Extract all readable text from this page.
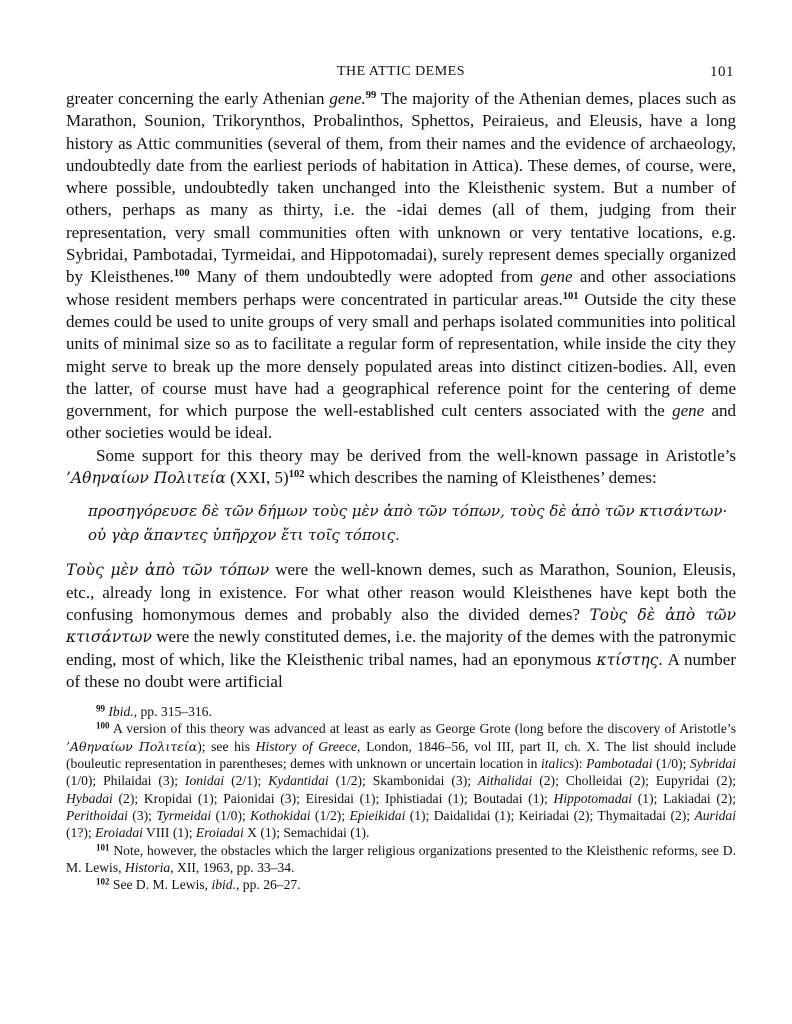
THE ATTIC DEMES	101

greater concerning the early Athenian gene.$^{99}$ The majority of the Athenian demes, places such as Marathon, Sounion, Trikorynthos, Probalinthos, Sphettos, Peiraieus, and Eleusis, have a long history as Attic communities (several of them, from their names and the evidence of archaeology, undoubtedly date from the earliest periods of habitation in Attica). These demes, of course, were, where possible, undoubtedly taken unchanged into the Kleisthenic system. But a number of others, perhaps as many as thirty, i.e. the -idai demes (all of them, judging from their representation, very small communities often with unknown or very tentative locations, e.g. Sybridai, Pambotadai, Tyrmeidai, and Hippotomadai), surely represent demes specially organized by Kleisthenes.$^{100}$ Many of them undoubtedly were adopted from gene and other associations whose resident members perhaps were concentrated in particular areas.$^{101}$ Outside the city these demes could be used to unite groups of very small and perhaps isolated communities into political units of minimal size so as to facilitate a regular form of representation, while inside the city they might serve to break up the more densely populated areas into distinct citizen-bodies. All, even the latter, of course must have had a geographical reference point for the centering of deme government, for which purpose the well-established cult centers associated with the gene and other societies would be ideal.

Some support for this theory may be derived from the well-known passage in Aristotle’s ’Αθηναίων Πολιτεία (XXI, 5)$^{102}$ which describes the naming of Kleisthenes’ demes:

προσηγόρευσε δὲ τῶν δήμων τοὺς μὲν ἀπὸ τῶν τόπων, τοὺς δὲ ἀπὸ τῶν κτισάντων· οὐ γὰρ ἅπαντες ὑπῆρχον ἔτι τοῖς τόποις.

Τοὺς μὲν ἀπὸ τῶν τόπων were the well-known demes, such as Marathon, Sounion, Eleusis, etc., already long in existence. For what other reason would Kleisthenes have kept both the confusing homonymous demes and probably also the divided demes? Τοὺς δὲ ἀπὸ τῶν κτισάντων were the newly constituted demes, i.e. the majority of the demes with the patronymic ending, most of which, like the Kleisthenic tribal names, had an eponymous κτίστης. A number of these no doubt were artificial

$^{99}$ Ibid., pp. 315–316.

$^{100}$ A version of this theory was advanced at least as early as George Grote (long before the discovery of Aristotle’s ’Αθηναίων Πολιτεία); see his History of Greece, London, 1846–56, vol III, part II, ch. X. The list should include (bouleutic representation in parentheses; demes with unknown or uncertain location in italics): Pambotadai (1/0); Sybridai (1/0); Philaidai (3); Ionidai (2/1); Kydantidai (1/2); Skambonidai (3); Aithalidai (2); Cholleidai (2); Eupyridai (2); Hybadai (2); Kropidai (1); Paionidai (3); Eiresidai (1); Iphistiadai (1); Boutadai (1); Hippotomadai (1); Lakiadai (2); Perithoidai (3); Tyrmeidai (1/0); Kothokidai (1/2); Epieikidai (1); Daidalidai (1); Keiriadai (2); Thymaitadai (2); Auridai (1?); Eroiadai VIII (1); Eroiadai X (1); Semachidai (1).

$^{101}$ Note, however, the obstacles which the larger religious organizations presented to the Kleisthenic reforms, see D. M. Lewis, Historia, XII, 1963, pp. 33–34.

$^{102}$ See D. M. Lewis, ibid., pp. 26–27.
